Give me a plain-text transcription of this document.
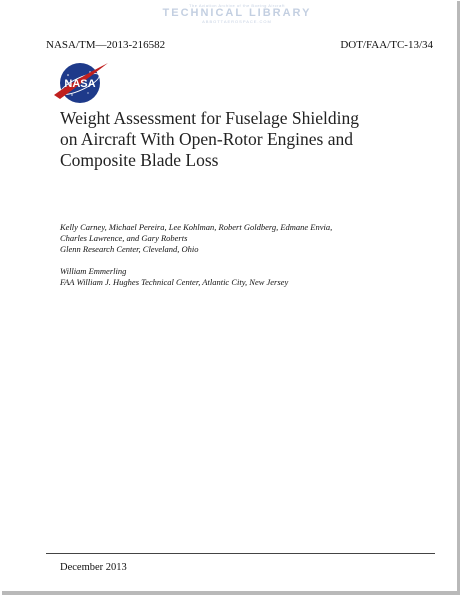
The Aviation Archive of the Boeing Aircraft
TECHNICAL LIBRARY
ABBOTTAEROSPACE.COM
NASA/TM—2013-216582	DOT/FAA/TC-13/34
NASA
Weight Assessment for Fuselage Shielding
on Aircraft With Open-Rotor Engines and
Composite Blade Loss
Kelly Carney, Michael Pereira, Lee Kohlman, Robert Goldberg, Edmane Envia,
Charles Lawrence, and Gary Roberts
Glenn Research Center, Cleveland, Ohio
William Emmerling
FAA William J. Hughes Technical Center, Atlantic City, New Jersey
December 2013
